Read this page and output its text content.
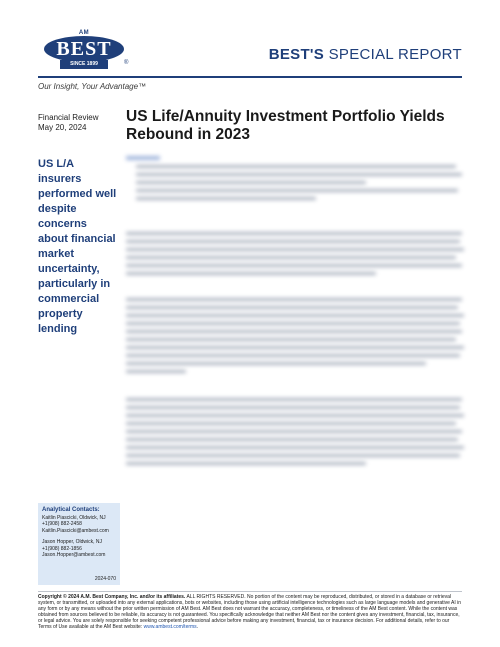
AM
BEST
SINCE 1899	®	BEST'S SPECIAL REPORT
Our Insight, Your Advantage™
Financial Review
May 20, 2024
US Life/Annuity Investment Portfolio Yields Rebound in 2023
US L/A insurers performed well despite concerns about financial market uncertainty, particularly in commercial property lending
Analytical Contacts:
Kaitlin Piascicki, Oldwick, NJ
+1(908) 882-2458
Kaitlin.Piascicki@ambest.com
Jason Hopper, Oldwick, NJ
+1(908) 882-1856
Jason.Hopper@ambest.com
2024-070
Copyright © 2024 A.M. Best Company, Inc. and/or its affiliates. ALL RIGHTS RESERVED. No portion of the content may be reproduced, distributed, or stored in a database or retrieval system, or transmitted, or uploaded into any external applications, bots or websites, including those using artificial intelligence technologies such as large language models and generative AI in any form or by any means without the prior written permission of AM Best. AM Best does not warrant the accuracy, completeness, or timeliness of the AM Best content. While the content was obtained from sources believed to be reliable, its accuracy is not guaranteed. You specifically acknowledge that neither AM Best nor the content gives any investment, financial, tax, insurance, or legal advice. You are solely responsible for seeking competent professional advice before making any investment, financial, tax or insurance decision. For additional details, refer to our Terms of Use available at the AM Best website: www.ambest.com/terms.
